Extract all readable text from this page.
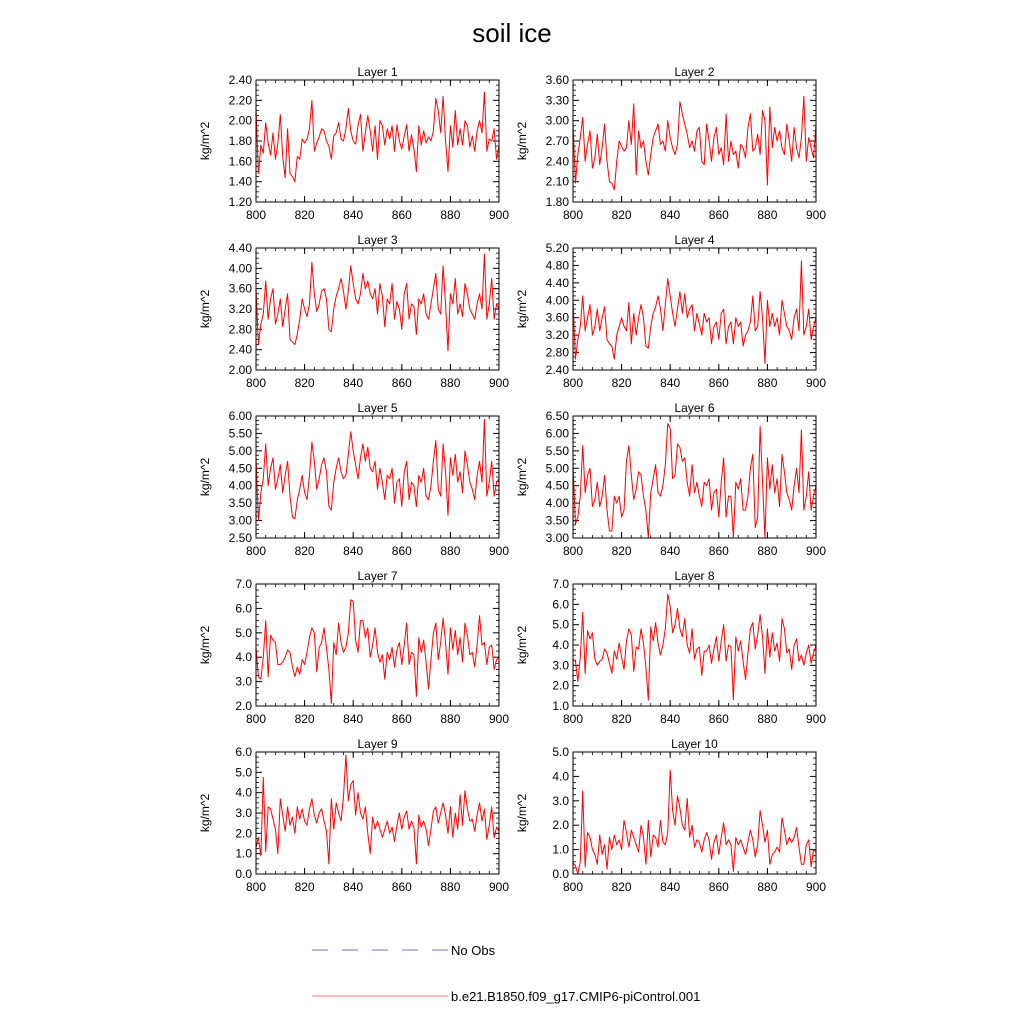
soil ice
Layer 1
kg/m^2
800 820 840 860 880 900
1.20
1.40
1.60
1.80
2.00
2.20
2.40
Layer 2
kg/m^2
800 820 840 860 880 900
1.80
2.10
2.40
2.70
3.00
3.30
3.60
Layer 3
kg/m^2
800 820 840 860 880 900
2.00
2.40
2.80
3.20
3.60
4.00
4.40
Layer 4
kg/m^2
800 820 840 860 880 900
2.40
2.80
3.20
3.60
4.00
4.40
4.80
5.20
Layer 5
kg/m^2
800 820 840 860 880 900
2.50
3.00
3.50
4.00
4.50
5.00
5.50
6.00
Layer 6
kg/m^2
800 820 840 860 880 900
3.00
3.50
4.00
4.50
5.00
5.50
6.00
6.50
Layer 7
kg/m^2
800 820 840 860 880 900
2.0
3.0
4.0
5.0
6.0
7.0
Layer 8
kg/m^2
800 820 840 860 880 900
1.0
2.0
3.0
4.0
5.0
6.0
7.0
Layer 9
kg/m^2
800 820 840 860 880 900
0.0
1.0
2.0
3.0
4.0
5.0
6.0
Layer 10
kg/m^2
800 820 840 860 880 900
0.0
1.0
2.0
3.0
4.0
5.0
No Obs
b.e21.B1850.f09_g17.CMIP6-piControl.001
